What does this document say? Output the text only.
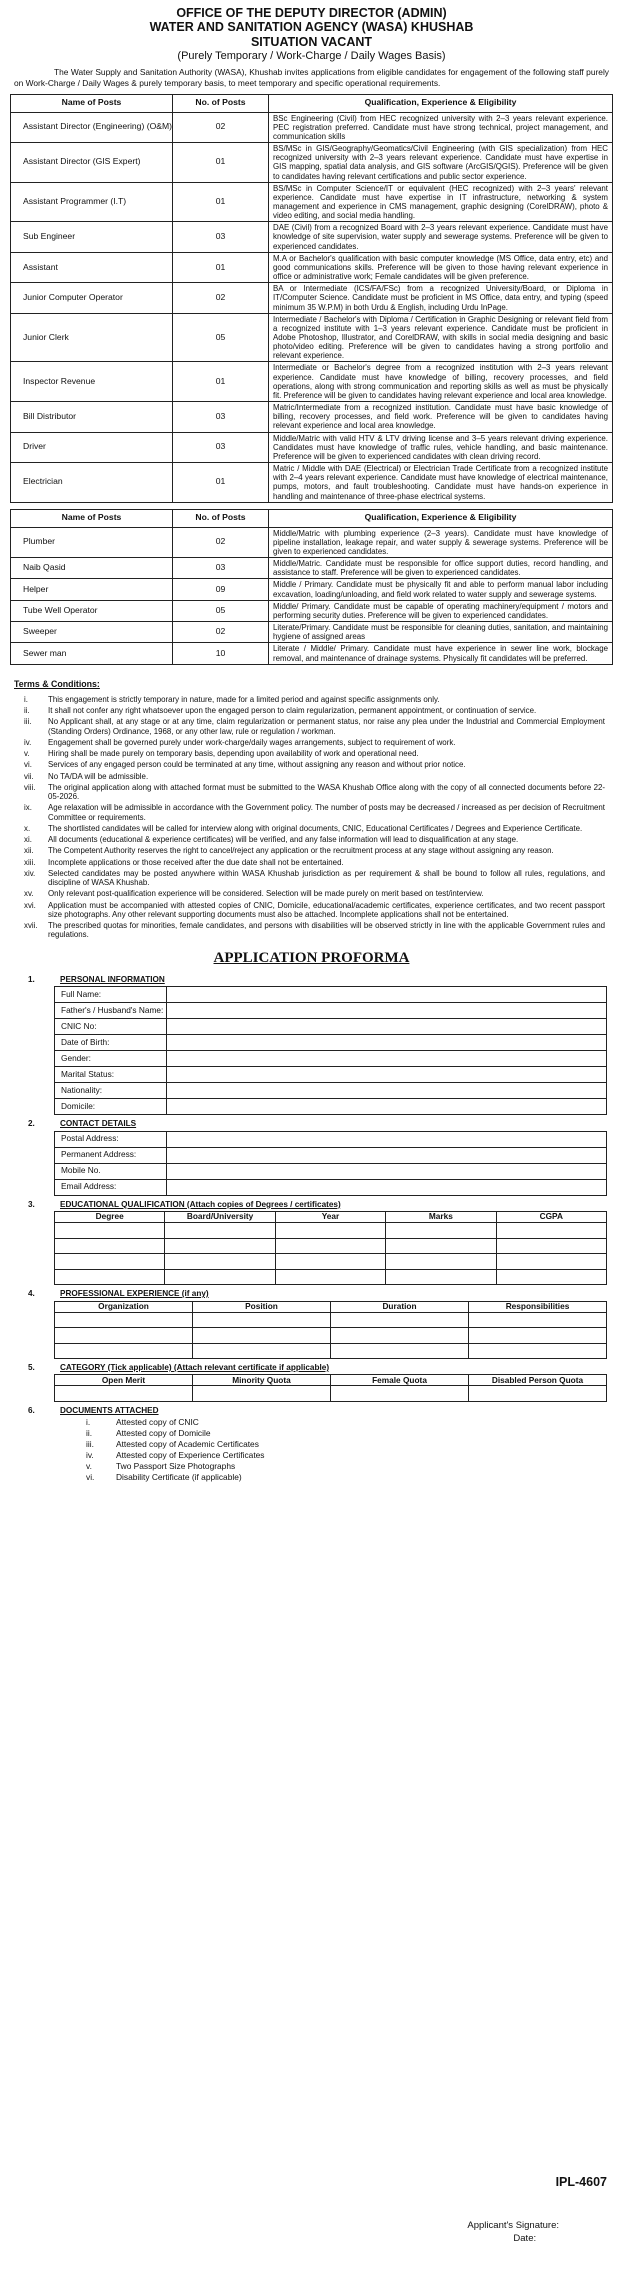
OFFICE OF THE DEPUTY DIRECTOR (ADMIN)
WATER AND SANITATION AGENCY (WASA) KHUSHAB
SITUATION VACANT
(Purely Temporary / Work-Charge / Daily Wages Basis)

The Water Supply and Sanitation Authority (WASA), Khushab invites applications from eligible candidates for engagement of the following staff purely on Work-Charge / Daily Wages & purely temporary basis, to meet temporary and specific operational requirements.

Name of Posts	No. of Posts	Qualification, Experience & Eligibility
Assistant Director (Engineering) (O&M)	02	BSc Engineering (Civil) from HEC recognized university with 2–3 years relevant experience. PEC registration preferred. Candidate must have strong technical, project management, and communication skills
Assistant Director (GIS Expert)	01	BS/MSc in GIS/Geography/Geomatics/Civil Engineering (with GIS specialization) from HEC recognized university with 2–3 years relevant experience. Candidate must have expertise in GIS mapping, spatial data analysis, and GIS software (ArcGIS/QGIS). Preference will be given to candidates having relevant certifications and public sector experience.
Assistant Programmer (I.T)	01	BS/MSc in Computer Science/IT or equivalent (HEC recognized) with 2–3 years' relevant experience. Candidate must have expertise in IT infrastructure, networking & system management and experience in CMS management, graphic designing (CorelDRAW), photo & video editing, and social media handling.
Sub Engineer	03	DAE (Civil) from a recognized Board with 2–3 years relevant experience. Candidate must have knowledge of site supervision, water supply and sewerage systems. Preference will be given to experienced candidates.
Assistant	01	M.A or Bachelor's qualification with basic computer knowledge (MS Office, data entry, etc) and good communications skills. Preference will be given to those having relevant experience in office or administrative work; Female candidates will be given preference.
Junior Computer Operator	02	BA or Intermediate (ICS/FA/FSc) from a recognized University/Board, or Diploma in IT/Computer Science. Candidate must be proficient in MS Office, data entry, and typing (speed minimum 35 W.P.M) in both Urdu & English, including Urdu InPage.
Junior Clerk	05	Intermediate / Bachelor's with Diploma / Certification in Graphic Designing or relevant field from a recognized institute with 1–3 years relevant experience. Candidate must be proficient in Adobe Photoshop, Illustrator, and CorelDRAW, with skills in social media designing and basic photo/video editing. Preference will be given to candidates having a strong portfolio and relevant experience.
Inspector Revenue	01	Intermediate or Bachelor's degree from a recognized institution with 2–3 years relevant experience. Candidate must have knowledge of billing, recovery processes, and field operations, along with strong communication and reporting skills as well as must be physically fit. Preference will be given to candidates having relevant experience and local area knowledge.
Bill Distributor	03	Matric/Intermediate from a recognized institution. Candidate must have basic knowledge of billing, recovery processes, and field work. Preference will be given to candidates having relevant experience and local area knowledge.
Driver	03	Middle/Matric with valid HTV & LTV driving license and 3–5 years relevant driving experience. Candidates must have knowledge of traffic rules, vehicle handling, and basic maintenance. Preference will be given to experienced candidates with clean driving record.
Electrician	01	Matric / Middle with DAE (Electrical) or Electrician Trade Certificate from a recognized institute with 2–4 years relevant experience. Candidate must have knowledge of electrical maintenance, pumps, motors, and fault troubleshooting. Candidate must have hands-on experience in handling and maintenance of three-phase electrical systems.
Name of Posts	No. of Posts	Qualification, Experience & Eligibility
Plumber	02	Middle/Matric with plumbing experience (2–3 years). Candidate must have knowledge of pipeline installation, leakage repair, and water supply & sewerage systems. Preference will be given to experienced candidates.
Naib Qasid	03	Middle/Matric. Candidate must be responsible for office support duties, record handling, and assistance to staff. Preference will be given to experienced candidates.
Helper	09	Middle / Primary. Candidate must be physically fit and able to perform manual labor including excavation, loading/unloading, and field work related to water supply and sewerage systems.
Tube Well Operator	05	Middle/ Primary. Candidate must be capable of operating machinery/equipment / motors and performing security duties. Preference will be given to experienced candidates.
Sweeper	02	Literate/Primary. Candidate must be responsible for cleaning duties, sanitation, and maintaining hygiene of assigned areas
Sewer man	10	Literate / Middle/ Primary. Candidate must have experience in sewer line work, blockage removal, and maintenance of drainage systems. Physically fit candidates will be preferred.
Terms & Conditions:
i.	This engagement is strictly temporary in nature, made for a limited period and against specific assignments only.
ii.	It shall not confer any right whatsoever upon the engaged person to claim regularization, permanent appointment, or continuation of service.
iii.	No Applicant shall, at any stage or at any time, claim regularization or permanent status, nor raise any plea under the Industrial and Commercial Employment (Standing Orders) Ordinance, 1968, or any other law, rule or regulation / workman.
iv.	Engagement shall be governed purely under work-charge/daily wages arrangements, subject to requirement of work.
v.	Hiring shall be made purely on temporary basis, depending upon availability of work and operational need.
vi.	Services of any engaged person could be terminated at any time, without assigning any reason and without prior notice.
vii.	No TA/DA will be admissible.
viii.	The original application along with attached format must be submitted to the WASA Khushab Office along with the copy of all connected documents before 22-05-2026.
ix.	Age relaxation will be admissible in accordance with the Government policy. The number of posts may be decreased / increased as per decision of Recruitment Committee or requirements.
x.	The shortlisted candidates will be called for interview along with original documents, CNIC, Educational Certificates / Degrees and Experience Certificate.
xi.	All documents (educational & experience certificates) will be verified, and any false information will lead to disqualification at any stage.
xii.	The Competent Authority reserves the right to cancel/reject any application or the recruitment process at any stage without assigning any reason.
xiii.	Incomplete applications or those received after the due date shall not be entertained.
xiv.	Selected candidates may be posted anywhere within WASA Khushab jurisdiction as per requirement & shall be bound to follow all rules, regulations, and discipline of WASA Khushab.
xv.	Only relevant post-qualification experience will be considered. Selection will be made purely on merit based on test/interview.
xvi.	Application must be accompanied with attested copies of CNIC, Domicile, educational/academic certificates, experience certificates, and two recent passport size photographs. Any other relevant supporting documents must also be attached. Incomplete applications shall not be entertained.
xvii.	The prescribed quotas for minorities, female candidates, and persons with disabilities will be observed strictly in line with the applicable Government rules and regulations.
APPLICATION PROFORMA
1.	PERSONAL INFORMATION
Full Name:	
Father's / Husband's Name:	
CNIC No:	
Date of Birth:	
Gender:	
Marital Status:	
Nationality:	
Domicile:	
2.	CONTACT DETAILS
Postal Address:	
Permanent Address:	
Mobile No.	
Email Address:	
3.	EDUCATIONAL QUALIFICATION (Attach copies of Degrees / certificates)
Degree	Board/University	Year	Marks	CGPA

4.	PROFESSIONAL EXPERIENCE (if any)
Organization	Position	Duration	Responsibilities

5.	CATEGORY (Tick applicable) (Attach relevant certificate if applicable)
Open Merit	Minority Quota	Female Quota	Disabled Person Quota

6.	DOCUMENTS ATTACHED
i.	Attested copy of CNIC
ii.	Attested copy of Domicile
iii.	Attested copy of Academic Certificates
iv.	Attested copy of Experience Certificates
v.	Two Passport Size Photographs
vi.	Disability Certificate (if applicable)
IPL-4607
Applicant's Signature:
Date:
